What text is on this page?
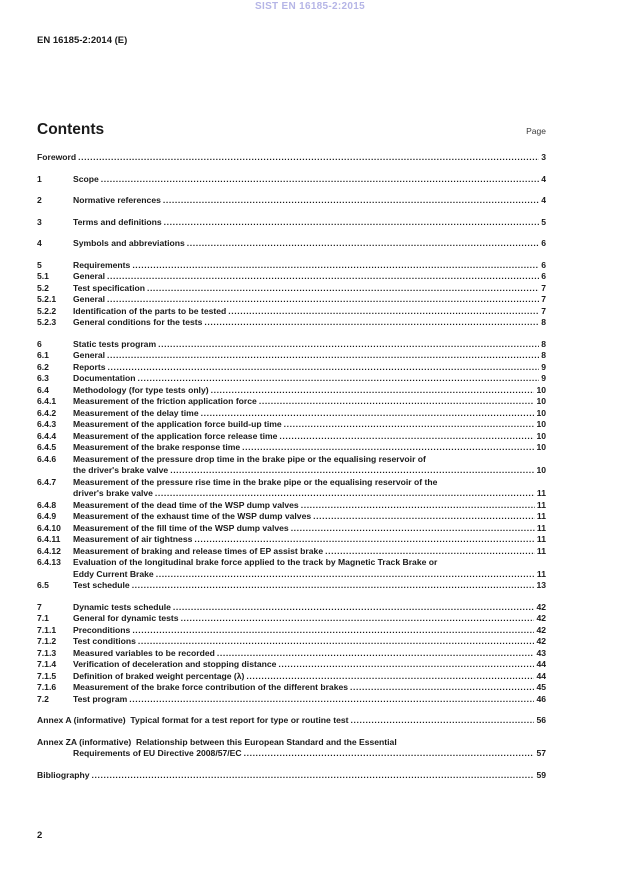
SIST EN 16185-2:2015
EN 16185-2:2014 (E)
Contents	Page
Foreword .....	3
1	Scope .....	4
2	Normative references .....	4
3	Terms and definitions .....	5
4	Symbols and abbreviations .....	6
5	Requirements .....	6
5.1	General .....	6
5.2	Test specification .....	7
5.2.1	General .....	7
5.2.2	Identification of the parts to be tested .....	7
5.2.3	General conditions for the tests .....	8
6	Static tests program .....	8
6.1	General .....	8
6.2	Reports .....	9
6.3	Documentation .....	9
6.4	Methodology (for type tests only) .....	10
6.4.1	Measurement of the friction application force .....	10
6.4.2	Measurement of the delay time .....	10
6.4.3	Measurement of the application force build-up time .....	10
6.4.4	Measurement of the application force release time .....	10
6.4.5	Measurement of the brake response time .....	10
6.4.6	Measurement of the pressure drop time in the brake pipe or the equalising reservoir of
the driver's brake valve .....	10
6.4.7	Measurement of the pressure rise time in the brake pipe or the equalising reservoir of the
driver's brake valve .....	11
6.4.8	Measurement of the dead time of the WSP dump valves .....	11
6.4.9	Measurement of the exhaust time of the WSP dump valves .....	11
6.4.10	Measurement of the fill time of the WSP dump valves .....	11
6.4.11	Measurement of air tightness .....	11
6.4.12	Measurement of braking and release times of EP assist brake .....	11
6.4.13	Evaluation of the longitudinal brake force applied to the track by Magnetic Track Brake or
Eddy Current Brake .....	11
6.5	Test schedule .....	13
7	Dynamic tests schedule .....	42
7.1	General for dynamic tests .....	42
7.1.1	Preconditions .....	42
7.1.2	Test conditions .....	42
7.1.3	Measured variables to be recorded .....	43
7.1.4	Verification of deceleration and stopping distance .....	44
7.1.5	Definition of braked weight percentage (λ) .....	44
7.1.6	Measurement of the brake force contribution of the different brakes .....	45
7.2	Test program .....	46
Annex A (informative)  Typical format for a test report for type or routine test .....	56
Annex ZA (informative)  Relationship between this European Standard and the Essential
Requirements of EU Directive 2008/57/EC .....	57
Bibliography .....	59
2
